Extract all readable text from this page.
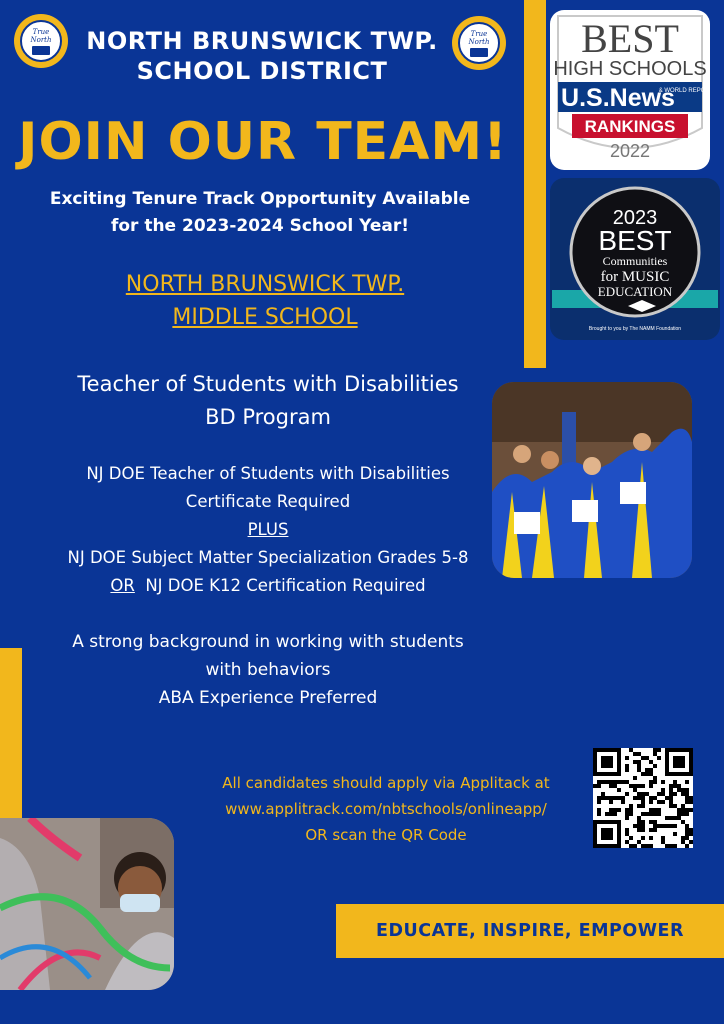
True
North
True
North
NORTH BRUNSWICK TWP.
SCHOOL DISTRICT
JOIN OUR TEAM!
Exciting Tenure Track Opportunity Available
for the 2023-2024 School Year!
NORTH BRUNSWICK TWP.
MIDDLE SCHOOL
Teacher of Students with Disabilities
BD Program
NJ DOE Teacher of Students with Disabilities
Certificate Required
PLUS
NJ DOE Subject Matter Specialization Grades 5-8
OR  NJ DOE K12 Certification Required
A strong background in working with students
with behaviors
ABA Experience Preferred
All candidates should apply via Applitack at
www.applitrack.com/nbtschools/onlineapp/
OR scan the QR Code
BEST
HIGH SCHOOLS
U.S.News
& WORLD REPORT
RANKINGS
2022
2023
BEST
Communities
for MUSIC
EDUCATION
Brought to you by The NAMM Foundation
EDUCATE, INSPIRE, EMPOWER
